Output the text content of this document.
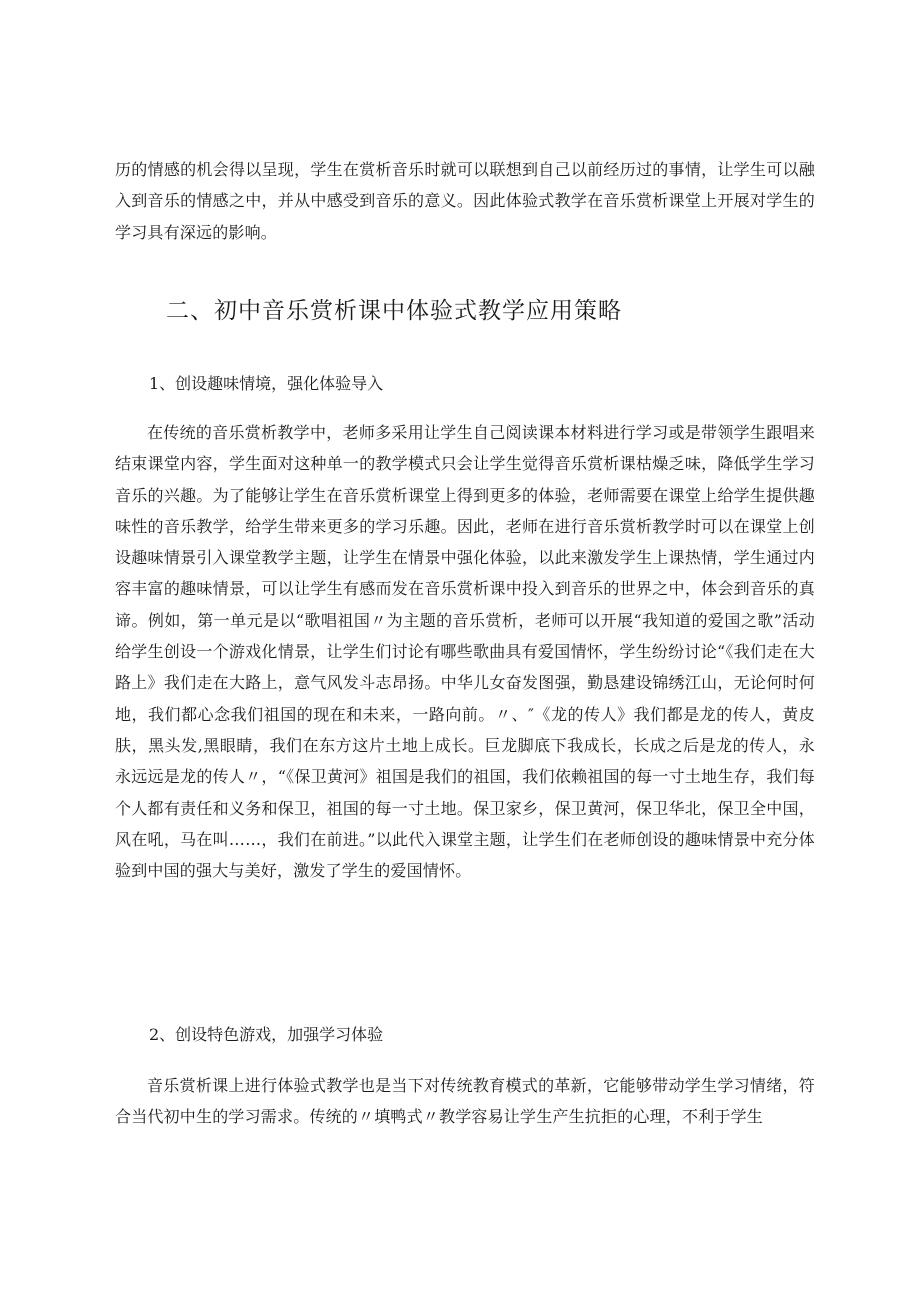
历的情感的机会得以呈现，学生在赏析音乐时就可以联想到自己以前经历过的事情，让学生可以融入到音乐的情感之中，并从中感受到音乐的意义。因此体验式教学在音乐赏析课堂上开展对学生的学习具有深远的影响。

二、初中音乐赏析课中体验式教学应用策略

1、创设趣味情境，强化体验导入

在传统的音乐赏析教学中，老师多采用让学生自己阅读课本材料进行学习或是带领学生跟唱来结束课堂内容，学生面对这种单一的教学模式只会让学生觉得音乐赏析课枯燥乏味，降低学生学习音乐的兴趣。为了能够让学生在音乐赏析课堂上得到更多的体验，老师需要在课堂上给学生提供趣味性的音乐教学，给学生带来更多的学习乐趣。因此，老师在进行音乐赏析教学时可以在课堂上创设趣味情景引入课堂教学主题，让学生在情景中强化体验，以此来激发学生上课热情，学生通过内容丰富的趣味情景，可以让学生有感而发在音乐赏析课中投入到音乐的世界之中，体会到音乐的真谛。例如，第一单元是以“歌唱祖国〃为主题的音乐赏析，老师可以开展“我知道的爱国之歌”活动给学生创设一个游戏化情景，让学生们讨论有哪些歌曲具有爱国情怀，学生纷纷讨论“《我们走在大路上》我们走在大路上，意气风发斗志昂扬。中华儿女奋发图强，勤恳建设锦绣江山，无论何时何地，我们都心念我们祖国的现在和未来，一路向前。〃、″《龙的传人》我们都是龙的传人，黄皮肤，黑头发,黑眼睛，我们在东方这片土地上成长。巨龙脚底下我成长，长成之后是龙的传人，永永远远是龙的传人〃，“《保卫黄河》祖国是我们的祖国，我们依赖祖国的每一寸土地生存，我们每个人都有责任和义务和保卫，祖国的每一寸土地。保卫家乡，保卫黄河，保卫华北，保卫全中国，风在吼，马在叫……，我们在前进。”以此代入课堂主题，让学生们在老师创设的趣味情景中充分体验到中国的强大与美好，激发了学生的爱国情怀。

2、创设特色游戏，加强学习体验

音乐赏析课上进行体验式教学也是当下对传统教育模式的革新，它能够带动学生学习情绪，符合当代初中生的学习需求。传统的〃填鸭式〃教学容易让学生产生抗拒的心理，不利于学生
